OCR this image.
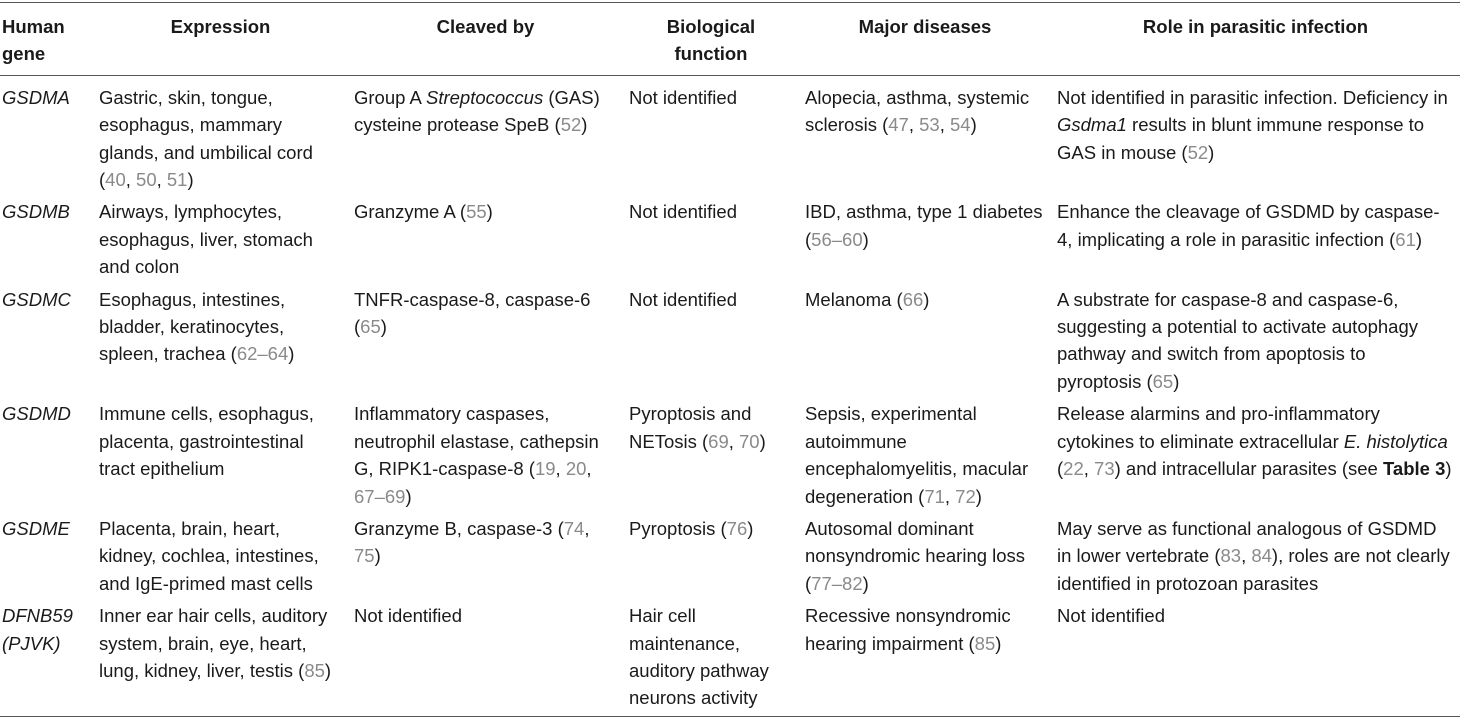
Human gene	Expression	Cleaved by	Biological function	Major diseases	Role in parasitic infection
GSDMA	Gastric, skin, tongue, esophagus, mammary glands, and umbilical cord (40, 50, 51)	Group A Streptococcus (GAS) cysteine protease SpeB (52)	Not identified	Alopecia, asthma, systemic sclerosis (47, 53, 54)	Not identified in parasitic infection. Deficiency in Gsdma1 results in blunt immune response to GAS in mouse (52)
GSDMB	Airways, lymphocytes, esophagus, liver, stomach and colon	Granzyme A (55)	Not identified	IBD, asthma, type 1 diabetes (56–60)	Enhance the cleavage of GSDMD by caspase-4, implicating a role in parasitic infection (61)
GSDMC	Esophagus, intestines, bladder, keratinocytes, spleen, trachea (62–64)	TNFR-caspase-8, caspase-6 (65)	Not identified	Melanoma (66)	A substrate for caspase-8 and caspase-6, suggesting a potential to activate autophagy pathway and switch from apoptosis to pyroptosis (65)
GSDMD	Immune cells, esophagus, placenta, gastrointestinal tract epithelium	Inflammatory caspases, neutrophil elastase, cathepsin G, RIPK1-caspase-8 (19, 20, 67–69)	Pyroptosis and NETosis (69, 70)	Sepsis, experimental autoimmune encephalomyelitis, macular degeneration (71, 72)	Release alarmins and pro-inflammatory cytokines to eliminate extracellular E. histolytica (22, 73) and intracellular parasites (see Table 3)
GSDME	Placenta, brain, heart, kidney, cochlea, intestines, and IgE-primed mast cells	Granzyme B, caspase-3 (74, 75)	Pyroptosis (76)	Autosomal dominant nonsyndromic hearing loss (77–82)	May serve as functional analogous of GSDMD in lower vertebrate (83, 84), roles are not clearly identified in protozoan parasites
DFNB59 (PJVK)	Inner ear hair cells, auditory system, brain, eye, heart, lung, kidney, liver, testis (85)	Not identified	Hair cell maintenance, auditory pathway neurons activity	Recessive nonsyndromic hearing impairment (85)	Not identified
